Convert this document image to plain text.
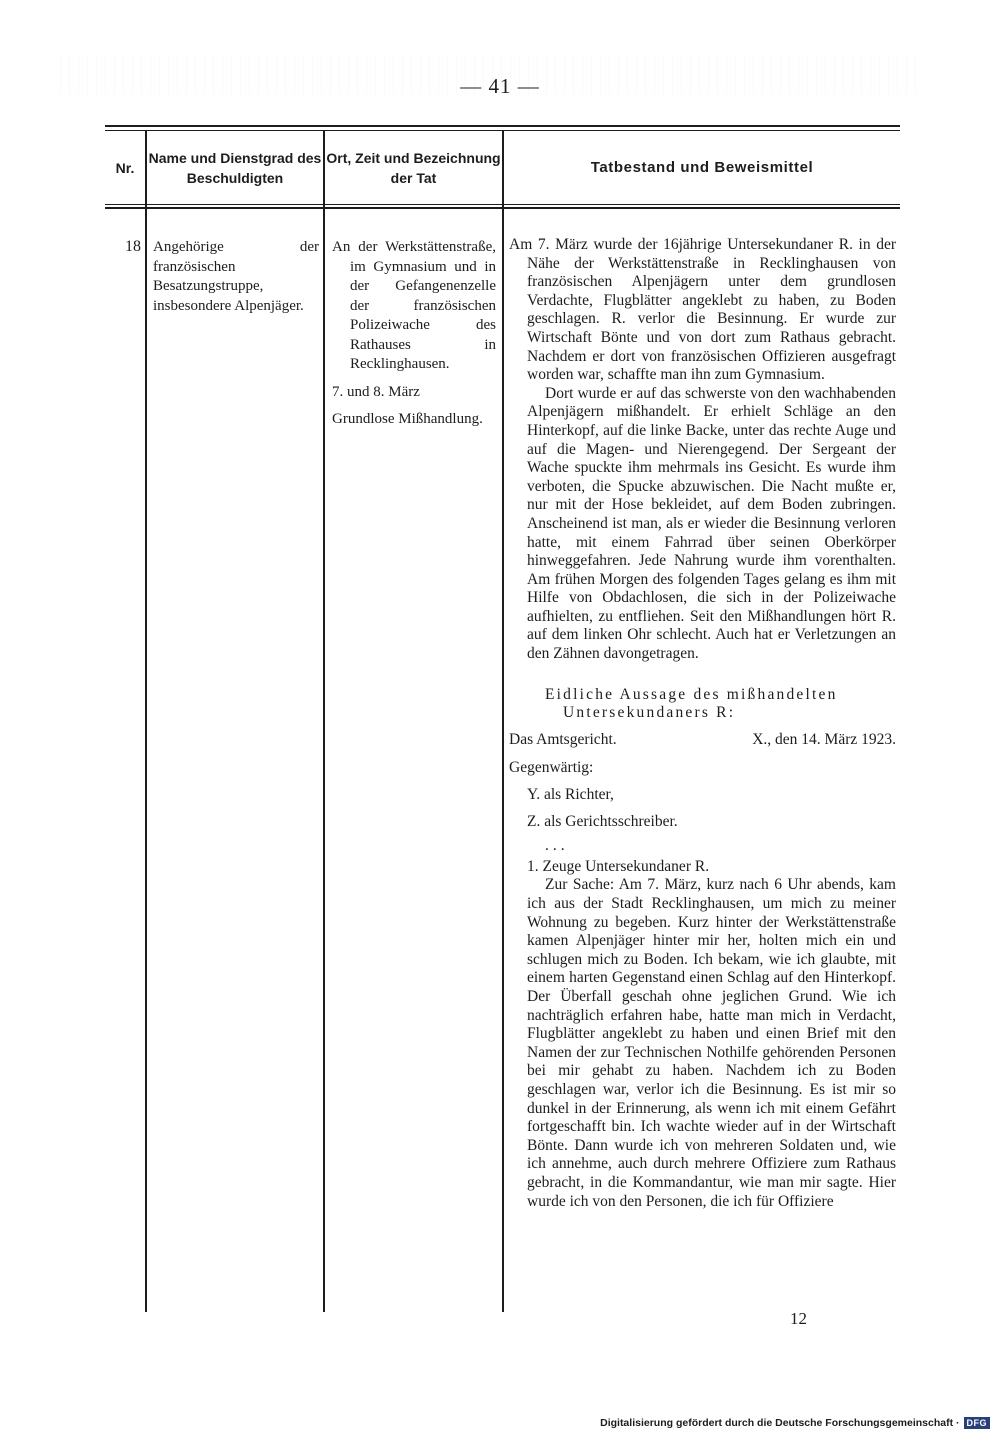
— 41 —
Nr.
Name und Dienstgrad des Beschuldigten
Ort, Zeit und Bezeichnung der Tat
Tatbestand und Beweismittel
18 Angehörige der französischen Besatzungstruppe, insbesondere Alpenjäger.

An der Werkstättenstraße, im Gymnasium und in der Gefangenenzelle der französischen Polizeiwache des Rathauses in Recklinghausen.

7. und 8. März

Grundlose Mißhandlung.

Am 7. März wurde der 16jährige Untersekundaner R. in der Nähe der Werkstättenstraße in Recklinghausen von französischen Alpenjägern unter dem grundlosen Verdachte, Flugblätter angeklebt zu haben, zu Boden geschlagen. R. verlor die Besinnung. Er wurde zur Wirtschaft Bönte und von dort zum Rathaus gebracht. Nachdem er dort von französischen Offizieren ausgefragt worden war, schaffte man ihn zum Gymnasium.

Dort wurde er auf das schwerste von den wachhabenden Alpenjägern mißhandelt. Er erhielt Schläge an den Hinterkopf, auf die linke Backe, unter das rechte Auge und auf die Magen- und Nierengegend. Der Sergeant der Wache spuckte ihm mehrmals ins Gesicht. Es wurde ihm verboten, die Spucke abzuwischen. Die Nacht mußte er, nur mit der Hose bekleidet, auf dem Boden zubringen. Anscheinend ist man, als er wieder die Besinnung verloren hatte, mit einem Fahrrad über seinen Oberkörper hinweggefahren. Jede Nahrung wurde ihm vorenthalten. Am frühen Morgen des folgenden Tages gelang es ihm mit Hilfe von Obdachlosen, die sich in der Polizeiwache aufhielten, zu entfliehen. Seit den Mißhandlungen hört R. auf dem linken Ohr schlecht. Auch hat er Verletzungen an den Zähnen davongetragen.

Eidliche Aussage des mißhandelten
Untersekundaners R:

Das Amtsgericht.	X., den 14. März 1923.

Gegenwärtig:

Y. als Richter,

Z. als Gerichtsschreiber.

...

1. Zeuge Untersekundaner R.

Zur Sache: Am 7. März, kurz nach 6 Uhr abends, kam ich aus der Stadt Recklinghausen, um mich zu meiner Wohnung zu begeben. Kurz hinter der Werkstättenstraße kamen Alpenjäger hinter mir her, holten mich ein und schlugen mich zu Boden. Ich bekam, wie ich glaubte, mit einem harten Gegenstand einen Schlag auf den Hinterkopf. Der Überfall geschah ohne jeglichen Grund. Wie ich nachträglich erfahren habe, hatte man mich in Verdacht, Flugblätter angeklebt zu haben und einen Brief mit den Namen der zur Technischen Nothilfe gehörenden Personen bei mir gehabt zu haben. Nachdem ich zu Boden geschlagen war, verlor ich die Besinnung. Es ist mir so dunkel in der Erinnerung, als wenn ich mit einem Gefährt fortgeschafft bin. Ich wachte wieder auf in der Wirtschaft Bönte. Dann wurde ich von mehreren Soldaten und, wie ich annehme, auch durch mehrere Offiziere zum Rathaus gebracht, in die Kommandantur, wie man mir sagte. Hier wurde ich von den Personen, die ich für Offiziere

12
Digitalisierung gefördert durch die Deutsche Forschungsgemeinschaft · DFG
